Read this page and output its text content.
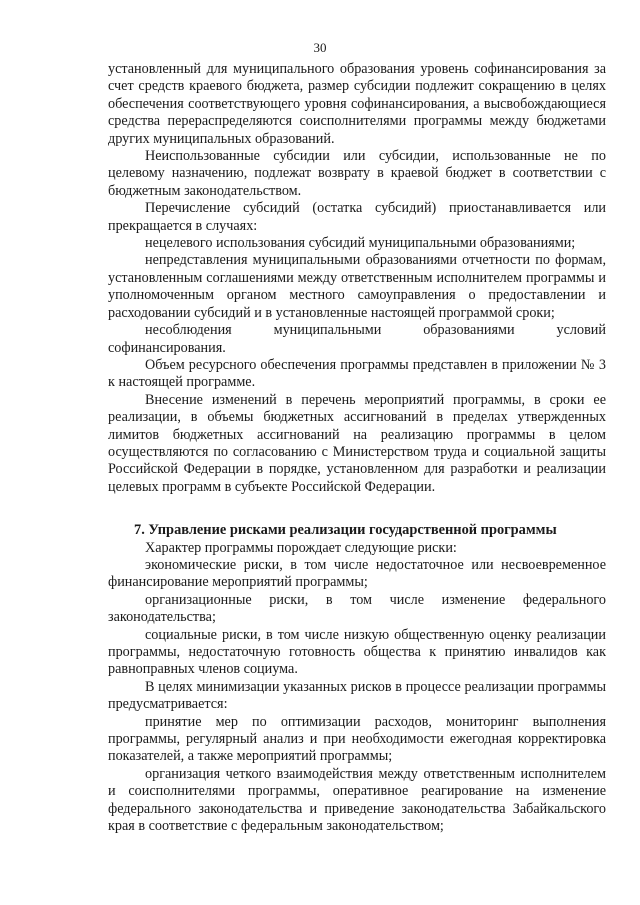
30

установленный для муниципального образования уровень софинансирования за счет средств краевого бюджета, размер субсидии подлежит сокращению в целях обеспечения соответствующего уровня софинансирования, а высвобождающиеся средства перераспределяются соисполнителями программы между бюджетами других муниципальных образований.

Неиспользованные субсидии или субсидии, использованные не по целевому назначению, подлежат возврату в краевой бюджет в соответствии с бюджетным законодательством.

Перечисление субсидий (остатка субсидий) приостанавливается или прекращается в случаях:

нецелевого использования субсидий муниципальными образованиями;

непредставления муниципальными образованиями отчетности по формам, установленным соглашениями между ответственным исполнителем программы и уполномоченным органом местного самоуправления о предоставлении и расходовании субсидий и в установленные настоящей программой сроки;

несоблюдения муниципальными образованиями условий софинансирования.

Объем ресурсного обеспечения программы представлен в приложении № 3 к настоящей программе.

Внесение изменений в перечень мероприятий программы, в сроки ее реализации, в объемы бюджетных ассигнований в пределах утвержденных лимитов бюджетных ассигнований на реализацию программы в целом осуществляются по согласованию с Министерством труда и социальной защиты Российской Федерации в порядке, установленном для разработки и реализации целевых программ в субъекте Российской Федерации.

7. Управление рисками реализации государственной программы

Характер программы порождает следующие риски:

экономические риски, в том числе недостаточное или несвоевременное финансирование мероприятий программы;

организационные риски, в том числе изменение федерального законодательства;

социальные риски, в том числе низкую общественную оценку реализации программы, недостаточную готовность общества к принятию инвалидов как равноправных членов социума.

В целях минимизации указанных рисков в процессе реализации программы предусматривается:

принятие мер по оптимизации расходов, мониторинг выполнения программы, регулярный анализ и при необходимости ежегодная корректировка показателей, а также мероприятий программы;

организация четкого взаимодействия между ответственным исполнителем и соисполнителями программы, оперативное реагирование на изменение федерального законодательства и приведение законодательства Забайкальского края в соответствие с федеральным законодательством;
